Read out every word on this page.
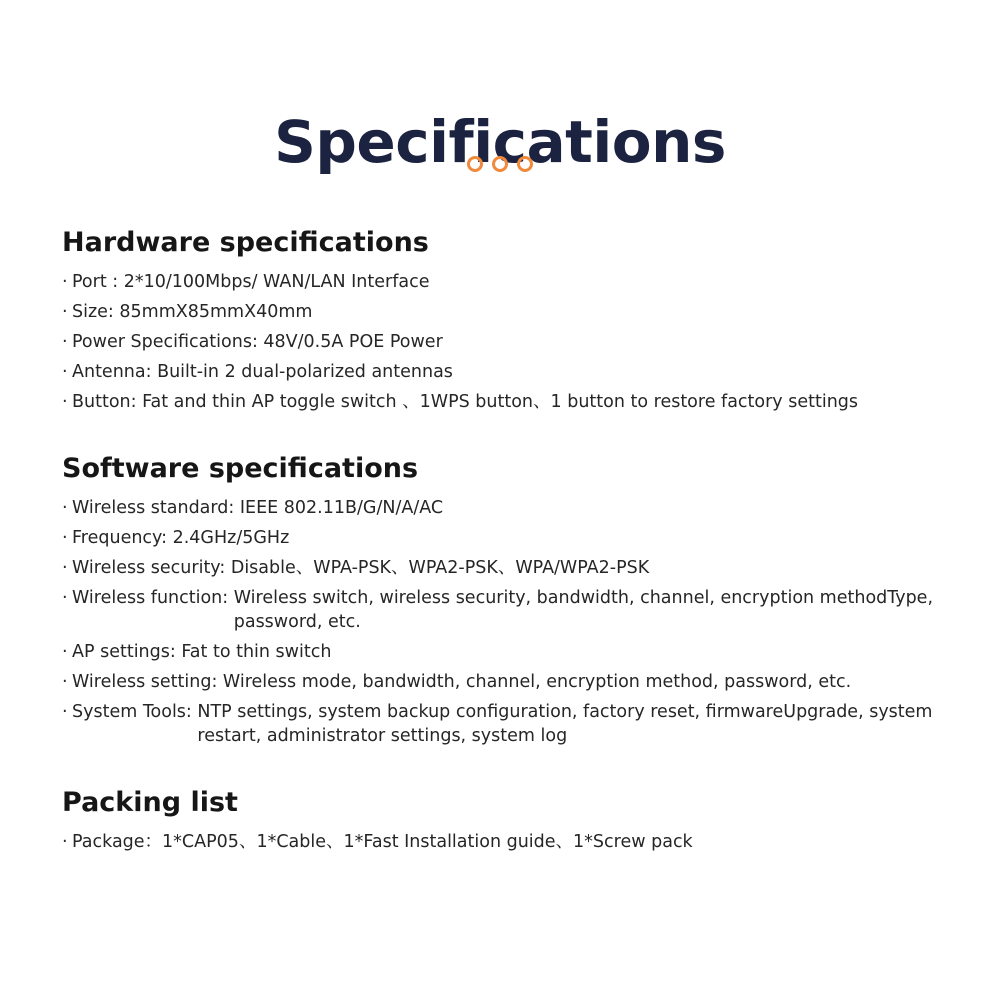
Specifications
Hardware specifications
· Port : 2*10/100Mbps/ WAN/LAN Interface
· Size: 85mmX85mmX40mm
· Power Specifications: 48V/0.5A POE Power
· Antenna: Built-in 2 dual-polarized antennas
· Button: Fat and thin AP toggle switch 、1WPS button、1 button to restore factory settings
Software specifications
· Wireless standard: IEEE 802.11B/G/N/A/AC
· Frequency: 2.4GHz/5GHz
· Wireless security: Disable、WPA-PSK、WPA2-PSK、WPA/WPA2-PSK
· Wireless function: Wireless switch, wireless security, bandwidth, channel, encryption methodType, password, etc.
· AP settings: Fat to thin switch
· Wireless setting: Wireless mode, bandwidth, channel, encryption method, password, etc.
· System Tools: NTP settings, system backup configuration, factory reset, firmwareUpgrade, system restart, administrator settings, system log
Packing list
· Package： 1*CAP05、1*Cable、1*Fast Installation guide、1*Screw pack
